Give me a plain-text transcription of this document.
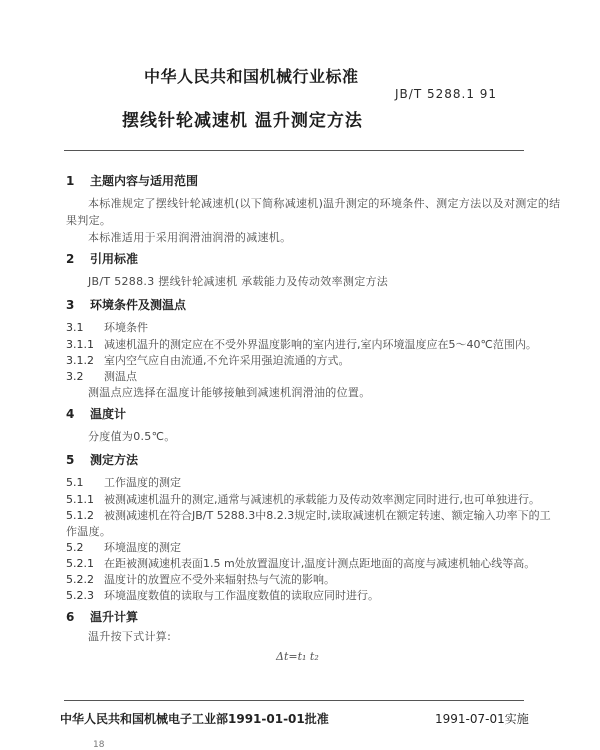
中华人民共和国机械行业标准
JB/T 5288.1 91
摆线针轮减速机 温升测定方法
1 主题内容与适用范围
本标准规定了摆线针轮减速机(以下简称减速机)温升测定的环境条件、测定方法以及对测定的结
果判定。
本标准适用于采用润滑油润滑的减速机。
2 引用标准
JB/T 5288.3 摆线针轮减速机 承载能力及传动效率测定方法
3 环境条件及测温点
3.1 环境条件
3.1.1 减速机温升的测定应在不受外界温度影响的室内进行,室内环境温度应在5～40℃范围内。
3.1.2 室内空气应自由流通,不允许采用强迫流通的方式。
3.2 测温点
测温点应选择在温度计能够接触到减速机润滑油的位置。
4 温度计
分度值为0.5℃。
5 测定方法
5.1 工作温度的测定
5.1.1 被测减速机温升的测定,通常与减速机的承载能力及传动效率测定同时进行,也可单独进行。
5.1.2 被测减速机在符合JB/T 5288.3中8.2.3规定时,读取减速机在额定转速、额定输入功率下的工
作温度。
5.2 环境温度的测定
5.2.1 在距被测减速机表面1.5 m处放置温度计,温度计测点距地面的高度与减速机轴心线等高。
5.2.2 温度计的放置应不受外来辐射热与气流的影响。
5.2.3 环境温度数值的读取与工作温度数值的读取应同时进行。
6 温升计算
温升按下式计算:
Δt=t₁ t₂
中华人民共和国机械电子工业部1991-01-01批准	1991-07-01实施
18
